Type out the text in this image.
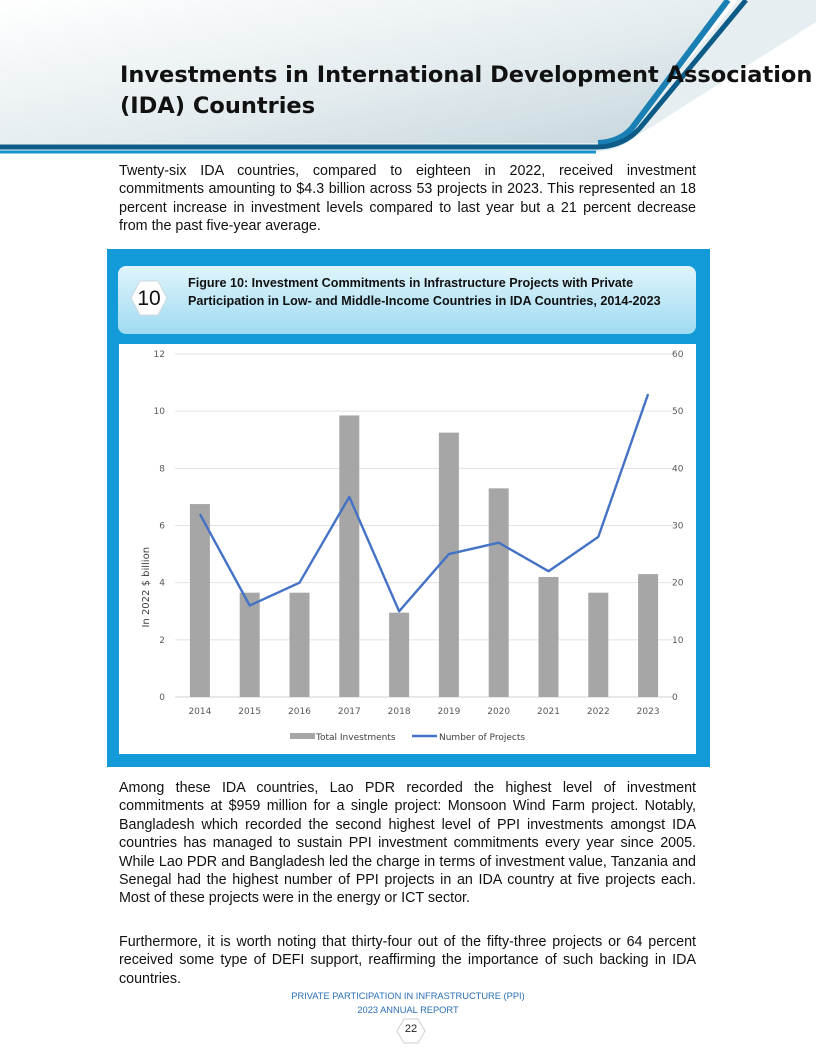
Investments in International Development Association (IDA) Countries

Twenty-six IDA countries, compared to eighteen in 2022, received investment commitments amounting to $4.3 billion across 53 projects in 2023. This represented an 18 percent increase in investment levels compared to last year but a 21 percent decrease from the past five-year average.

10

Figure 10: Investment Commitments in Infrastructure Projects with Private Participation in Low- and Middle-Income Countries in IDA Countries, 2014-2023

0
2
4
6
8
10
12
0
10
20
30
40
50
60
2014	2015	2016	2017	2018	2019	2020	2021	2022	2023
In 2022 $ billion
Total Investments	Number of Projects

Among these IDA countries, Lao PDR recorded the highest level of investment commitments at $959 million for a single project: Monsoon Wind Farm project. Notably, Bangladesh which recorded the second highest level of PPI investments amongst IDA countries has managed to sustain PPI investment commitments every year since 2005. While Lao PDR and Bangladesh led the charge in terms of investment value, Tanzania and Senegal had the highest number of PPI projects in an IDA country at five projects each. Most of these projects were in the energy or ICT sector.

Furthermore, it is worth noting that thirty-four out of the fifty-three projects or 64 percent received some type of DEFI support, reaffirming the importance of such backing in IDA countries.

PRIVATE PARTICIPATION IN INFRASTRUCTURE (PPI)
2023 ANNUAL REPORT
22
